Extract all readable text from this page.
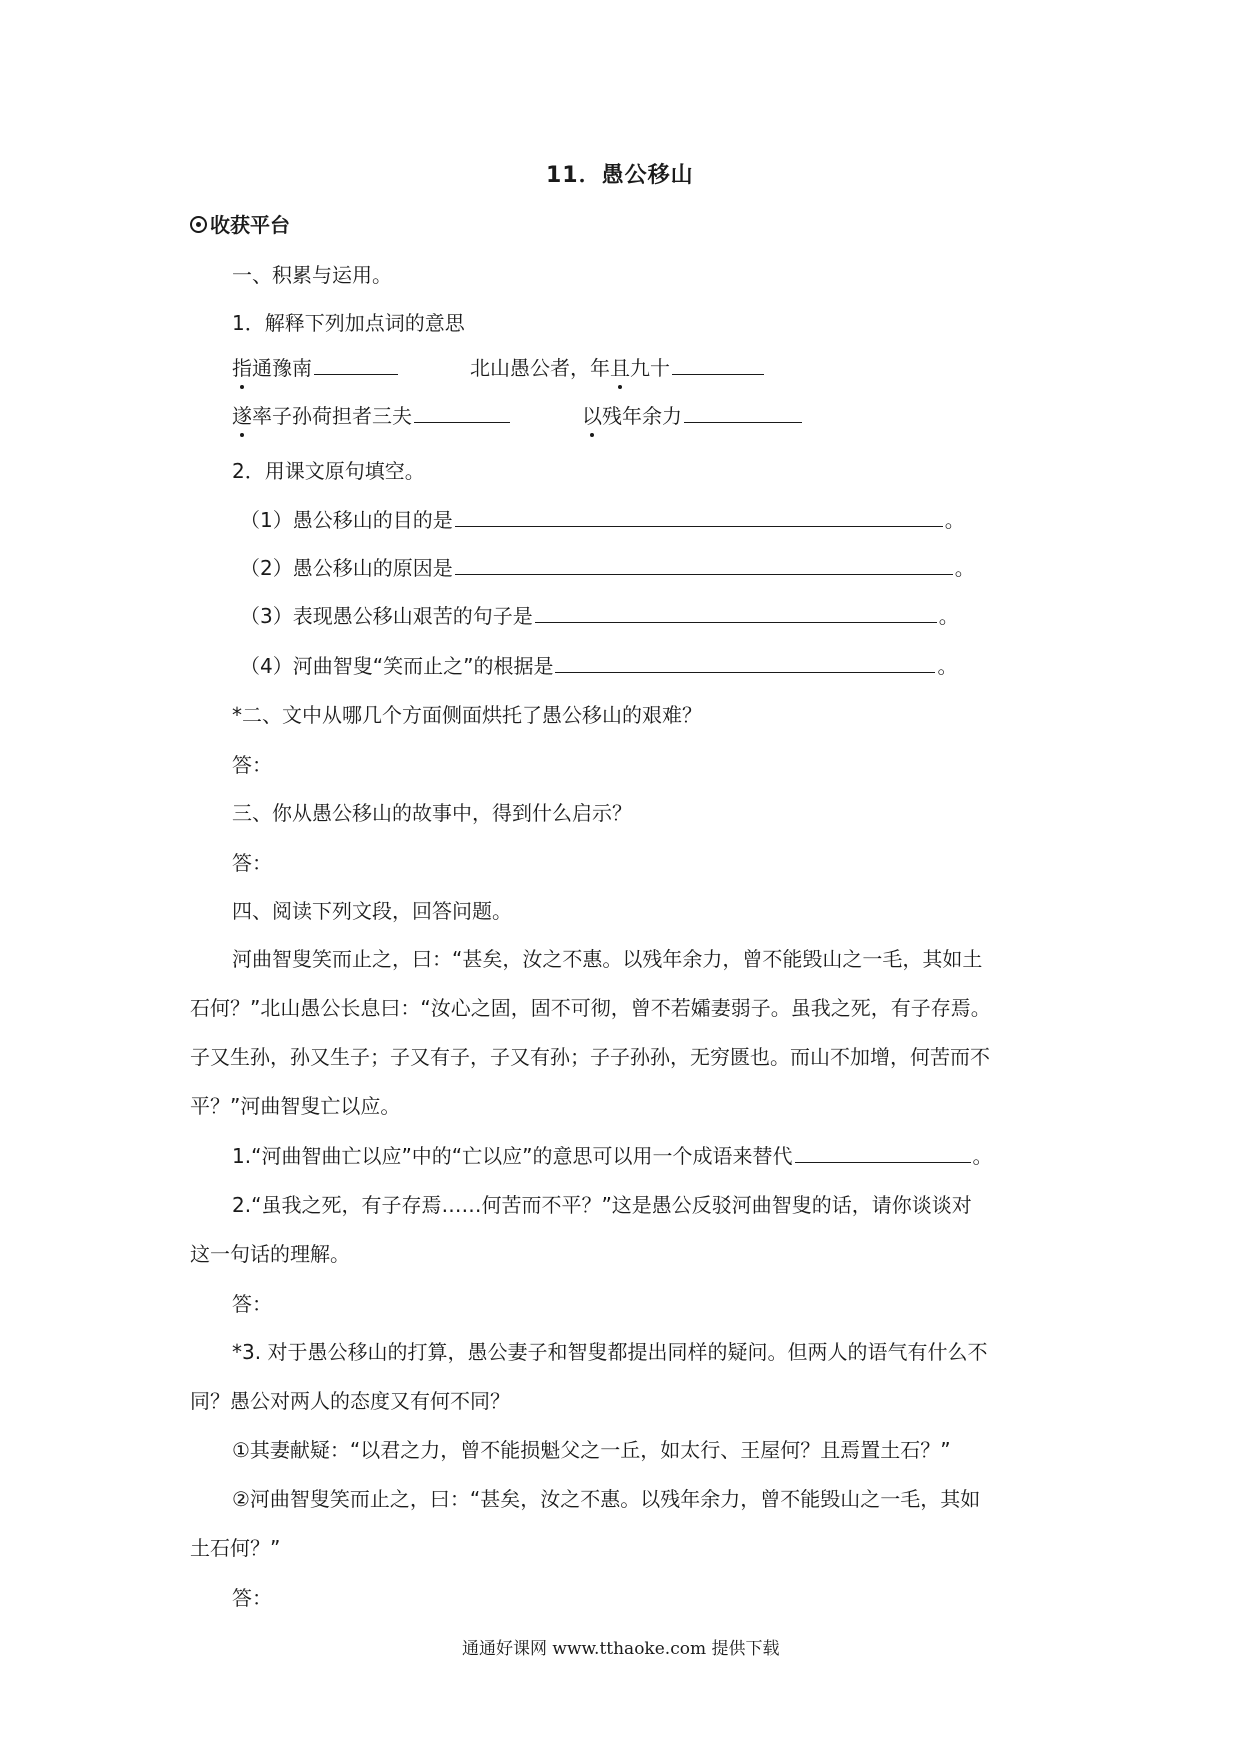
11．愚公移山
收获平台
一、积累与运用。
1．解释下列加点词的意思
指通豫南	北山愚公者，年且九十
遂率子孙荷担者三夫	以残年余力
2．用课文原句填空。
（1）愚公移山的目的是	。
（2）愚公移山的原因是	。
（3）表现愚公移山艰苦的句子是	。
（4）河曲智叟“笑而止之”的根据是	。
*二、文中从哪几个方面侧面烘托了愚公移山的艰难？
答：
三、你从愚公移山的故事中，得到什么启示？
答：
四、阅读下列文段，回答问题。
河曲智叟笑而止之，曰：“甚矣，汝之不惠。以残年余力，曾不能毁山之一毛，其如土
石何？”北山愚公长息曰：“汝心之固，固不可彻，曾不若孀妻弱子。虽我之死，有子存焉。
子又生孙，孙又生子；子又有子，子又有孙；子子孙孙，无穷匮也。而山不加增，何苦而不
平？”河曲智叟亡以应。
1.“河曲智曲亡以应”中的“亡以应”的意思可以用一个成语来替代	。
2.“虽我之死，有子存焉……何苦而不平？”这是愚公反驳河曲智叟的话，请你谈谈对
这一句话的理解。
答：
*3. 对于愚公移山的打算，愚公妻子和智叟都提出同样的疑问。但两人的语气有什么不
同？愚公对两人的态度又有何不同？
①其妻献疑：“以君之力，曾不能损魁父之一丘，如太行、王屋何？且焉置土石？”
②河曲智叟笑而止之，曰：“甚矣，汝之不惠。以残年余力，曾不能毁山之一毛，其如
土石何？”
答：
通通好课网 www.tthaoke.com 提供下载
